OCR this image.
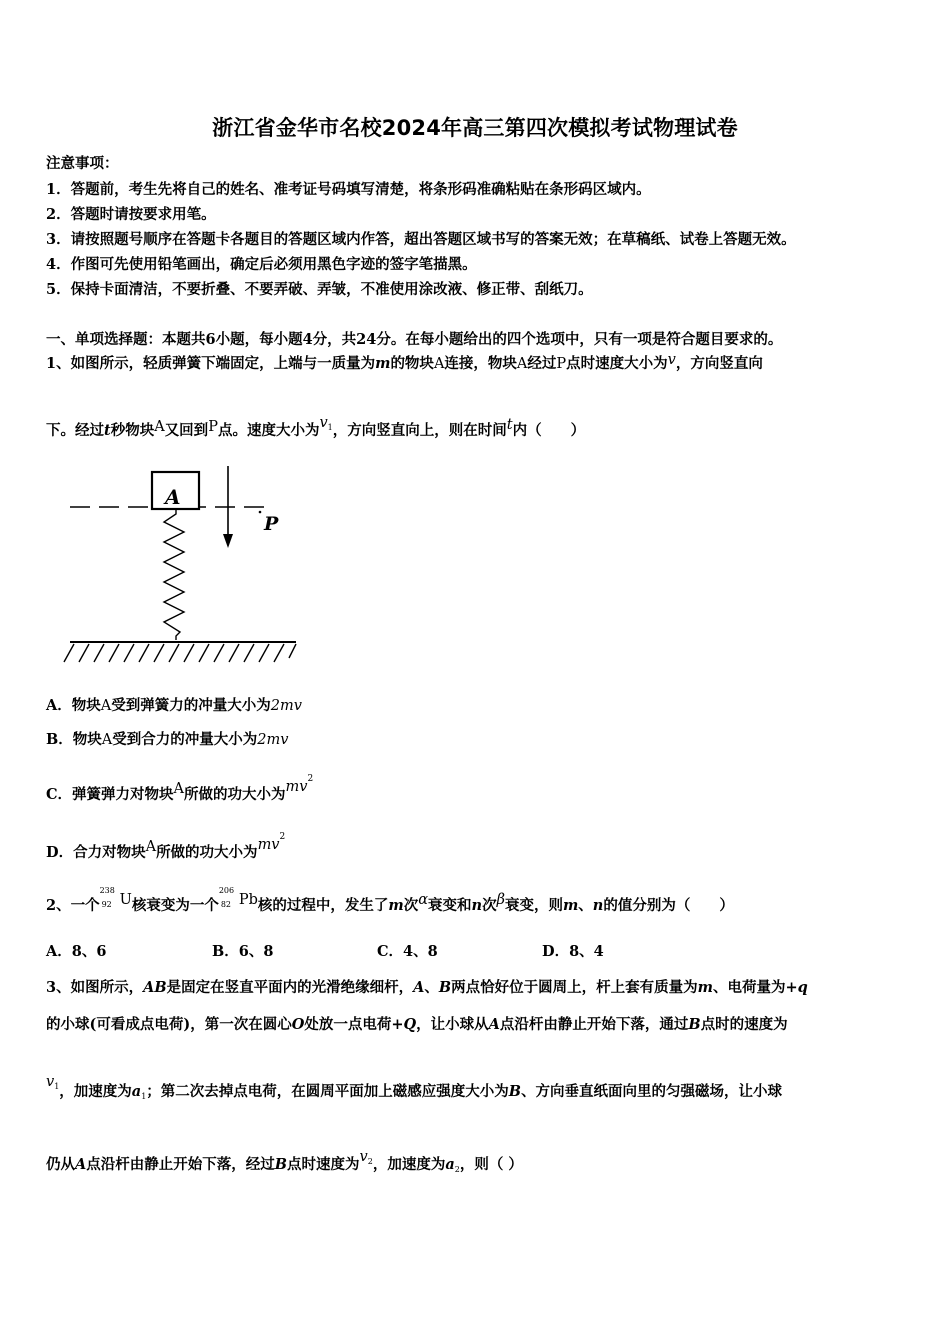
浙江省金华市名校2024年高三第四次模拟考试物理试卷
注意事项：
1．答题前，考生先将自己的姓名、准考证号码填写清楚，将条形码准确粘贴在条形码区域内。
2．答题时请按要求用笔。
3．请按照题号顺序在答题卡各题目的答题区域内作答，超出答题区域书写的答案无效；在草稿纸、试卷上答题无效。
4．作图可先使用铅笔画出，确定后必须用黑色字迹的签字笔描黑。
5．保持卡面清洁，不要折叠、不要弄破、弄皱，不准使用涂改液、修正带、刮纸刀。
一、单项选择题：本题共6小题，每小题4分，共24分。在每小题给出的四个选项中，只有一项是符合题目要求的。
1、如图所示，轻质弹簧下端固定，上端与一质量为m的物块A连接，物块A经过P点时速度大小为v，方向竖直向
下。经过t秒物块A又回到P点。速度大小为$v_1$，方向竖直向上，则在时间t内（　　）
A
P
A．物块A受到弹簧力的冲量大小为2mv
B．物块A受到合力的冲量大小为2mv
C．弹簧弹力对物块A所做的功大小为$mv^2$
D．合力对物块A所做的功大小为$mv^2$
2、一个
238
92 U核衰变为一个
206
82 Pb核的过程中，发生了m次α衰变和n次β衰变，则m、n的值分别为（　　）
A．8、6	B．6、8	C．4、8	D．8、4
3、如图所示，AB是固定在竖直平面内的光滑绝缘细杆，A、B两点恰好位于圆周上，杆上套有质量为m、电荷量为+q
的小球(可看成点电荷)，第一次在圆心O处放一点电荷+Q，让小球从A点沿杆由静止开始下落，通过B点时的速度为
$v_1$，加速度为$a_1$；第二次去掉点电荷，在圆周平面加上磁感应强度大小为B、方向垂直纸面向里的匀强磁场，让小球
仍从A点沿杆由静止开始下落，经过B点时速度为$v_2$，加速度为$a_2$，则（ ）
